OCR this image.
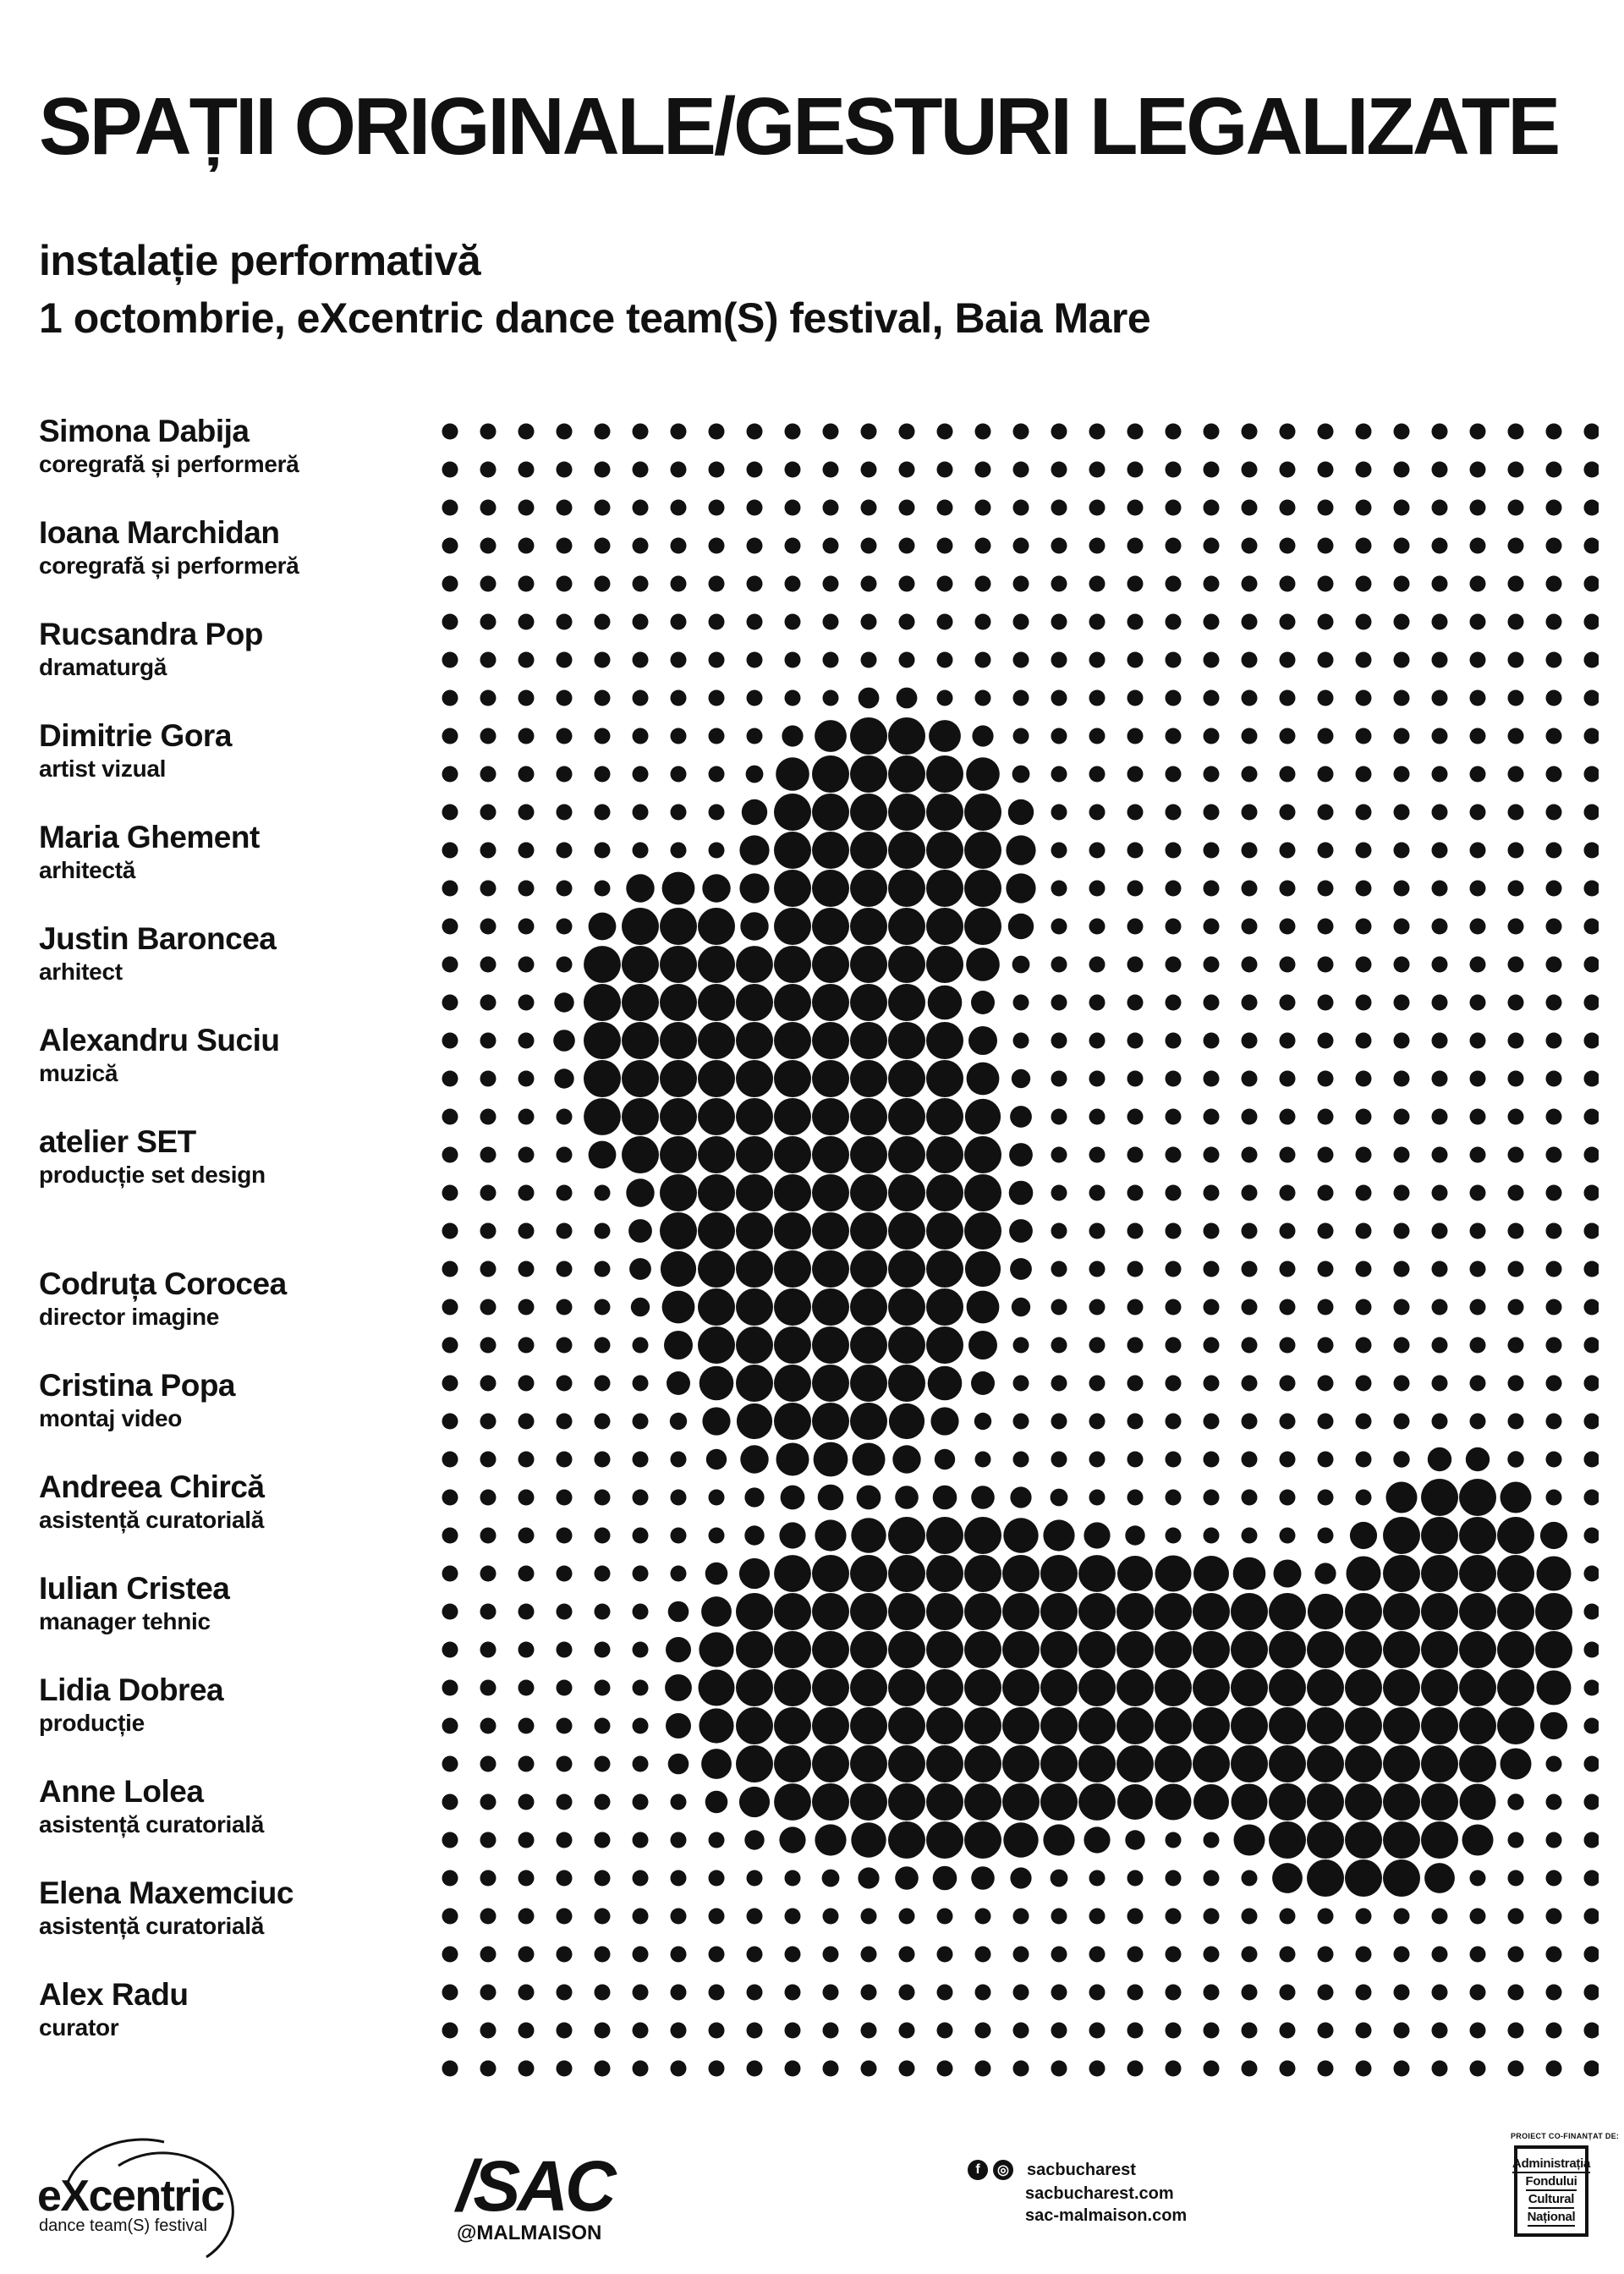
SPAȚII ORIGINALE/GESTURI LEGALIZATE
instalație performativă
1 octombrie, eXcentric dance team(S) festival, Baia Mare
Simona Dabija
coregrafă și performeră
Ioana Marchidan
coregrafă și performeră
Rucsandra Pop
dramaturgă
Dimitrie Gora
artist vizual
Maria Ghement
arhitectă
Justin Baroncea
arhitect
Alexandru Suciu
muzică
atelier SET
producție set design
Codruța Corocea
director imagine
Cristina Popa
montaj video
Andreea Chircă
asistență curatorială
Iulian Cristea
manager tehnic
Lidia Dobrea
producție
Anne Lolea
asistență curatorială
Elena Maxemciuc
asistență curatorială
Alex Radu
curator
eXcentric
dance team(S) festival	/SAC
@MALMAISON
f	◎ sacbucharest
sacbucharest.com
sac-malmaison.com
PROIECT CO-FINANȚAT DE:
Administrația
Fondului
Cultural
Național
